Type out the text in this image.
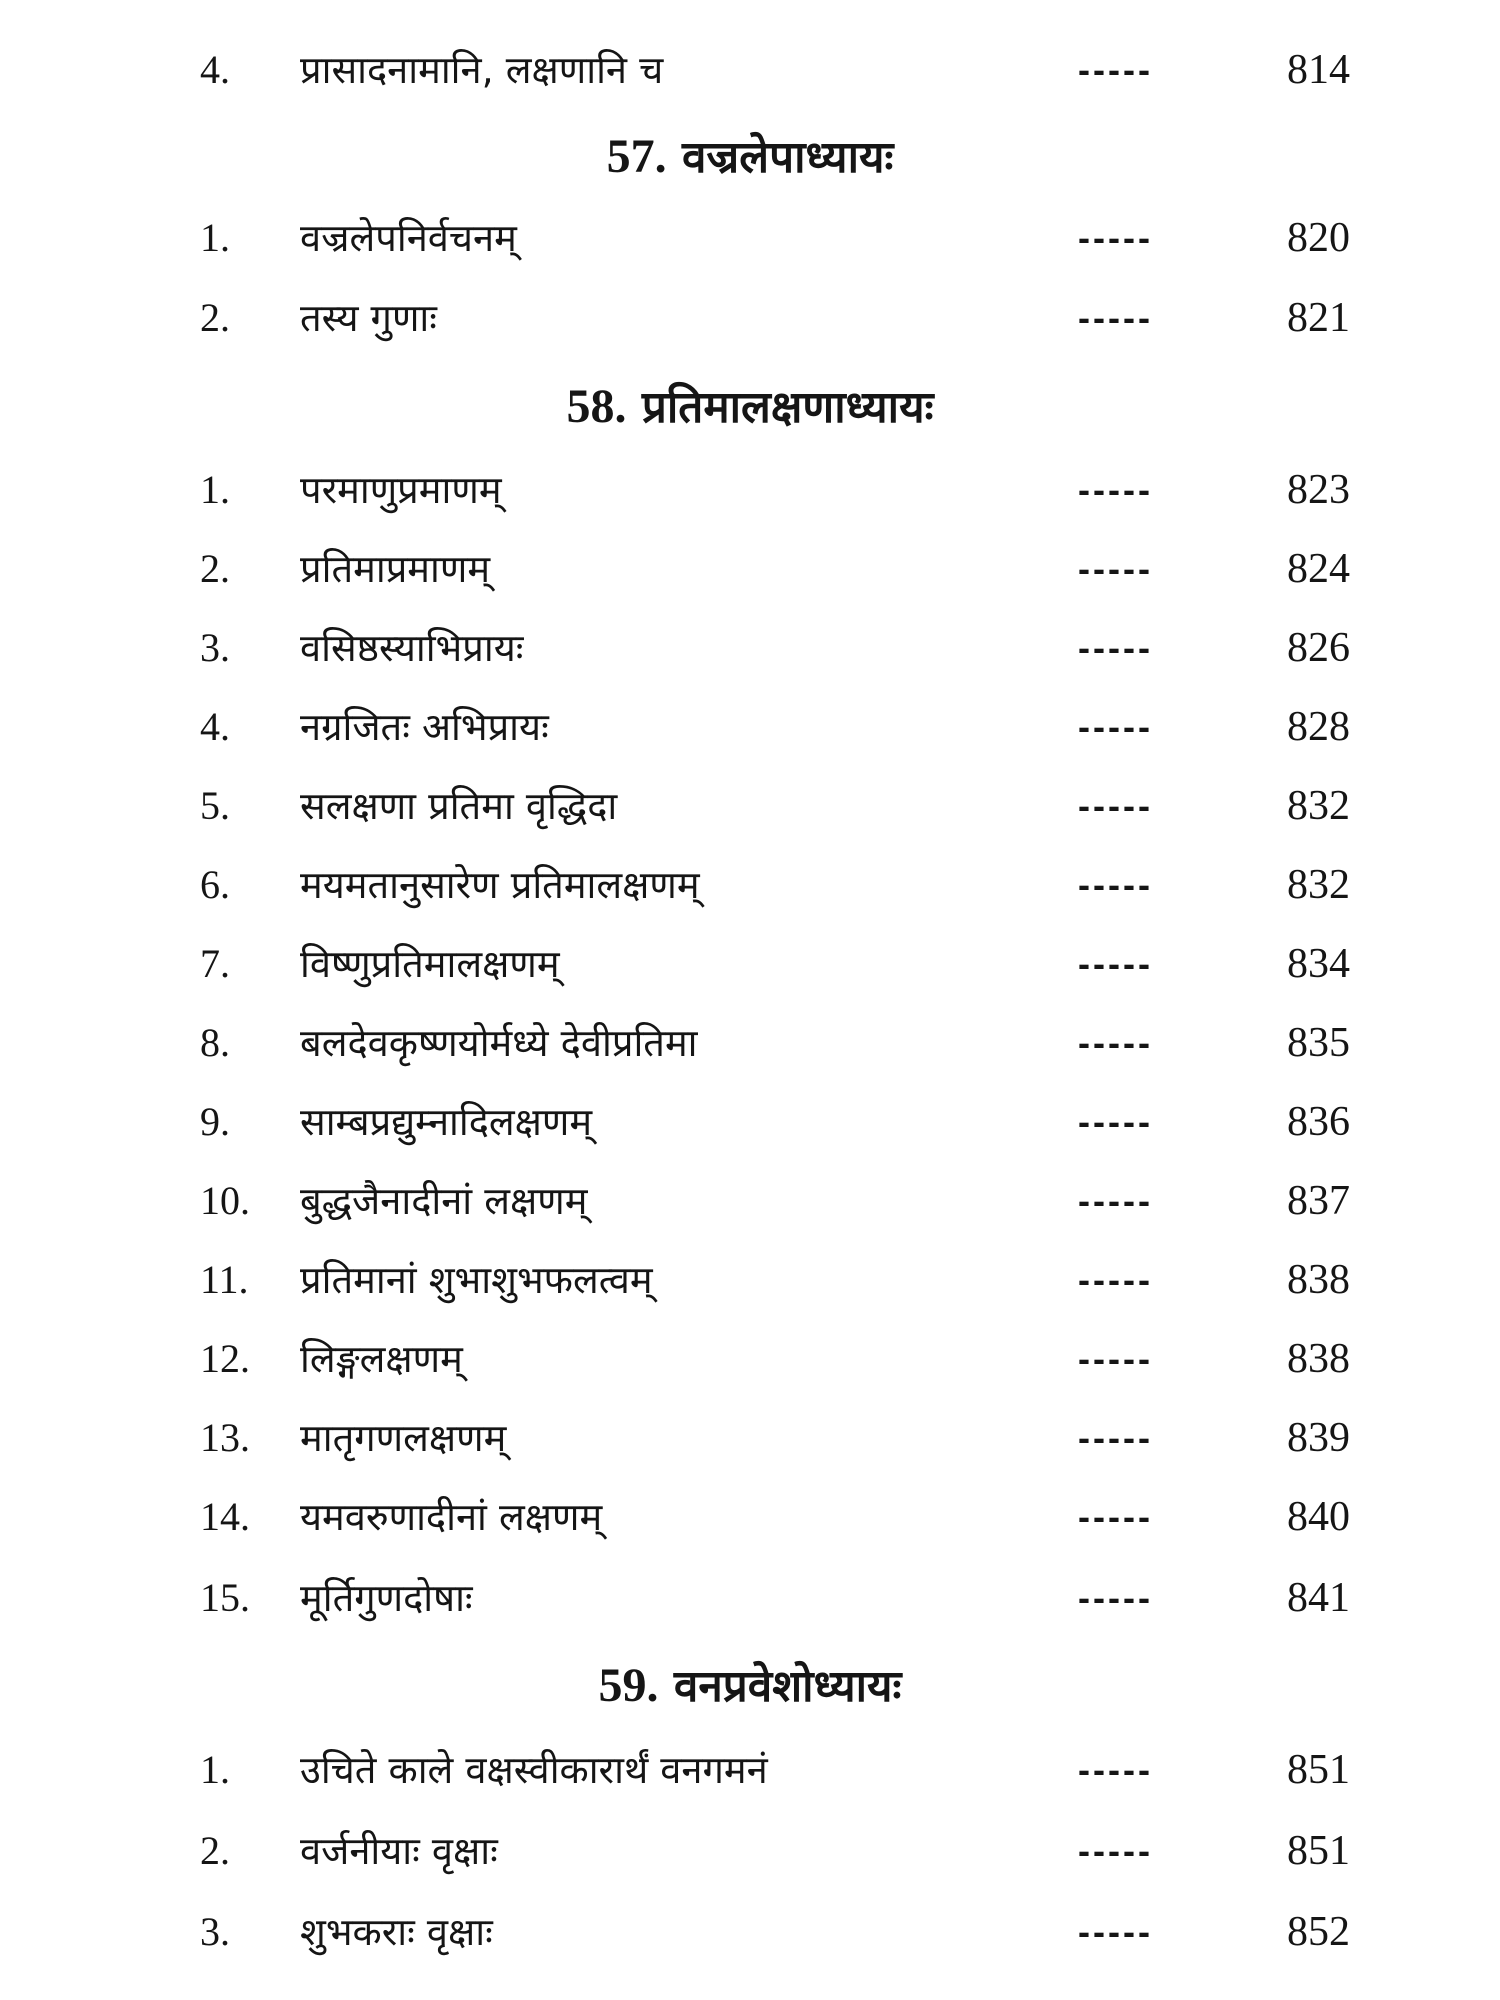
4. प्रासादनामानि, लक्षणानि च	-----	814
57. वज्रलेपाध्यायः
1. वज्रलेपनिर्वचनम्	-----	820
2. तस्य गुणाः	-----	821
58. प्रतिमालक्षणाध्यायः
1. परमाणुप्रमाणम्	-----	823
2. प्रतिमाप्रमाणम्	-----	824
3. वसिष्ठस्याभिप्रायः	-----	826
4. नग्रजितः अभिप्रायः	-----	828
5. सलक्षणा प्रतिमा वृद्धिदा	-----	832
6. मयमतानुसारेण प्रतिमालक्षणम्	-----	832
7. विष्णुप्रतिमालक्षणम्	-----	834
8. बलदेवकृष्णयोर्मध्ये देवीप्रतिमा	-----	835
9. साम्बप्रद्युम्नादिलक्षणम्	-----	836
10. बुद्धजैनादीनां लक्षणम्	-----	837
11. प्रतिमानां शुभाशुभफलत्वम्	-----	838
12. लिङ्गलक्षणम्	-----	838
13. मातृगणलक्षणम्	-----	839
14. यमवरुणादीनां लक्षणम्	-----	840
15. मूर्तिगुणदोषाः	-----	841
59. वनप्रवेशोध्यायः
1. उचिते काले वक्षस्वीकारार्थं वनगमनं	-----	851
2. वर्जनीयाः वृक्षाः	-----	851
3. शुभकराः वृक्षाः	-----	852
